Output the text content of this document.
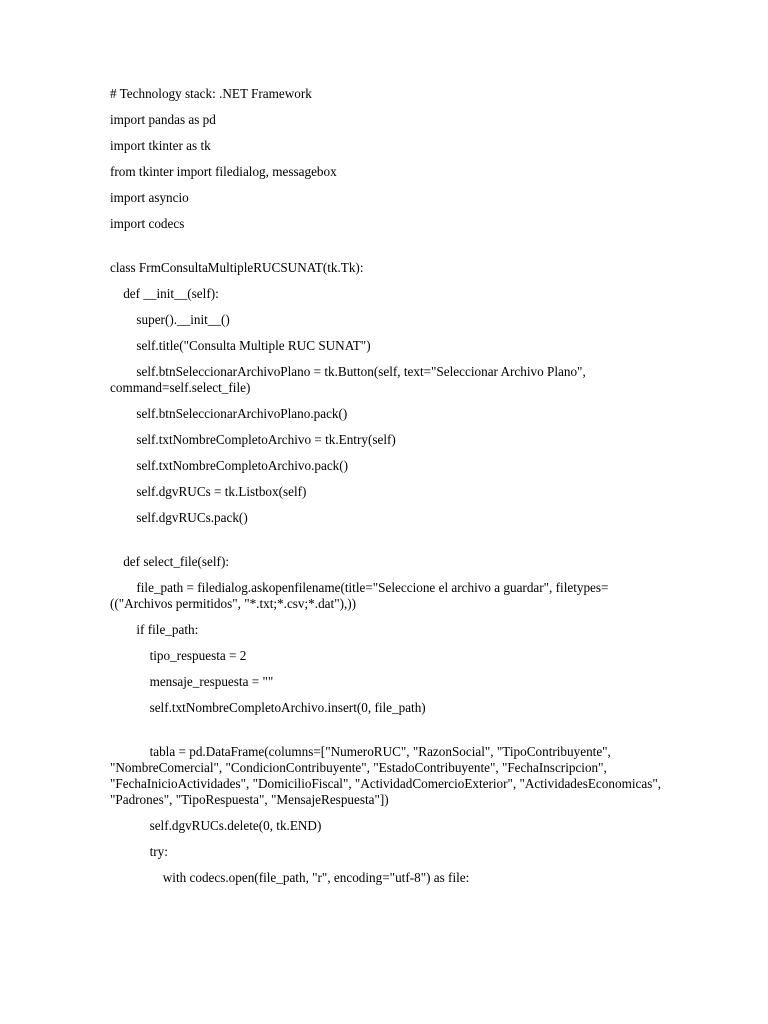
# Technology stack: .NET Framework

import pandas as pd

import tkinter as tk

from tkinter import filedialog, messagebox

import asyncio

import codecs

class FrmConsultaMultipleRUCSUNAT(tk.Tk):

def __init__(self):

super().__init__()

self.title("Consulta Multiple RUC SUNAT")

self.btnSeleccionarArchivoPlano = tk.Button(self, text="Seleccionar Archivo Plano", command=self.select_file)

self.btnSeleccionarArchivoPlano.pack()

self.txtNombreCompletoArchivo = tk.Entry(self)

self.txtNombreCompletoArchivo.pack()

self.dgvRUCs = tk.Listbox(self)

self.dgvRUCs.pack()

def select_file(self):

file_path = filedialog.askopenfilename(title="Seleccione el archivo a guardar", filetypes=(("Archivos permitidos", "*.txt;*.csv;*.dat"),))

if file_path:

tipo_respuesta = 2

mensaje_respuesta = ""

self.txtNombreCompletoArchivo.insert(0, file_path)

tabla = pd.DataFrame(columns=["NumeroRUC", "RazonSocial", "TipoContribuyente", "NombreComercial", "CondicionContribuyente", "EstadoContribuyente", "FechaInscripcion", "FechaInicioActividades", "DomicilioFiscal", "ActividadComercioExterior", "ActividadesEconomicas", "Padrones", "TipoRespuesta", "MensajeRespuesta"])

self.dgvRUCs.delete(0, tk.END)

try:

with codecs.open(file_path, "r", encoding="utf-8") as file:
